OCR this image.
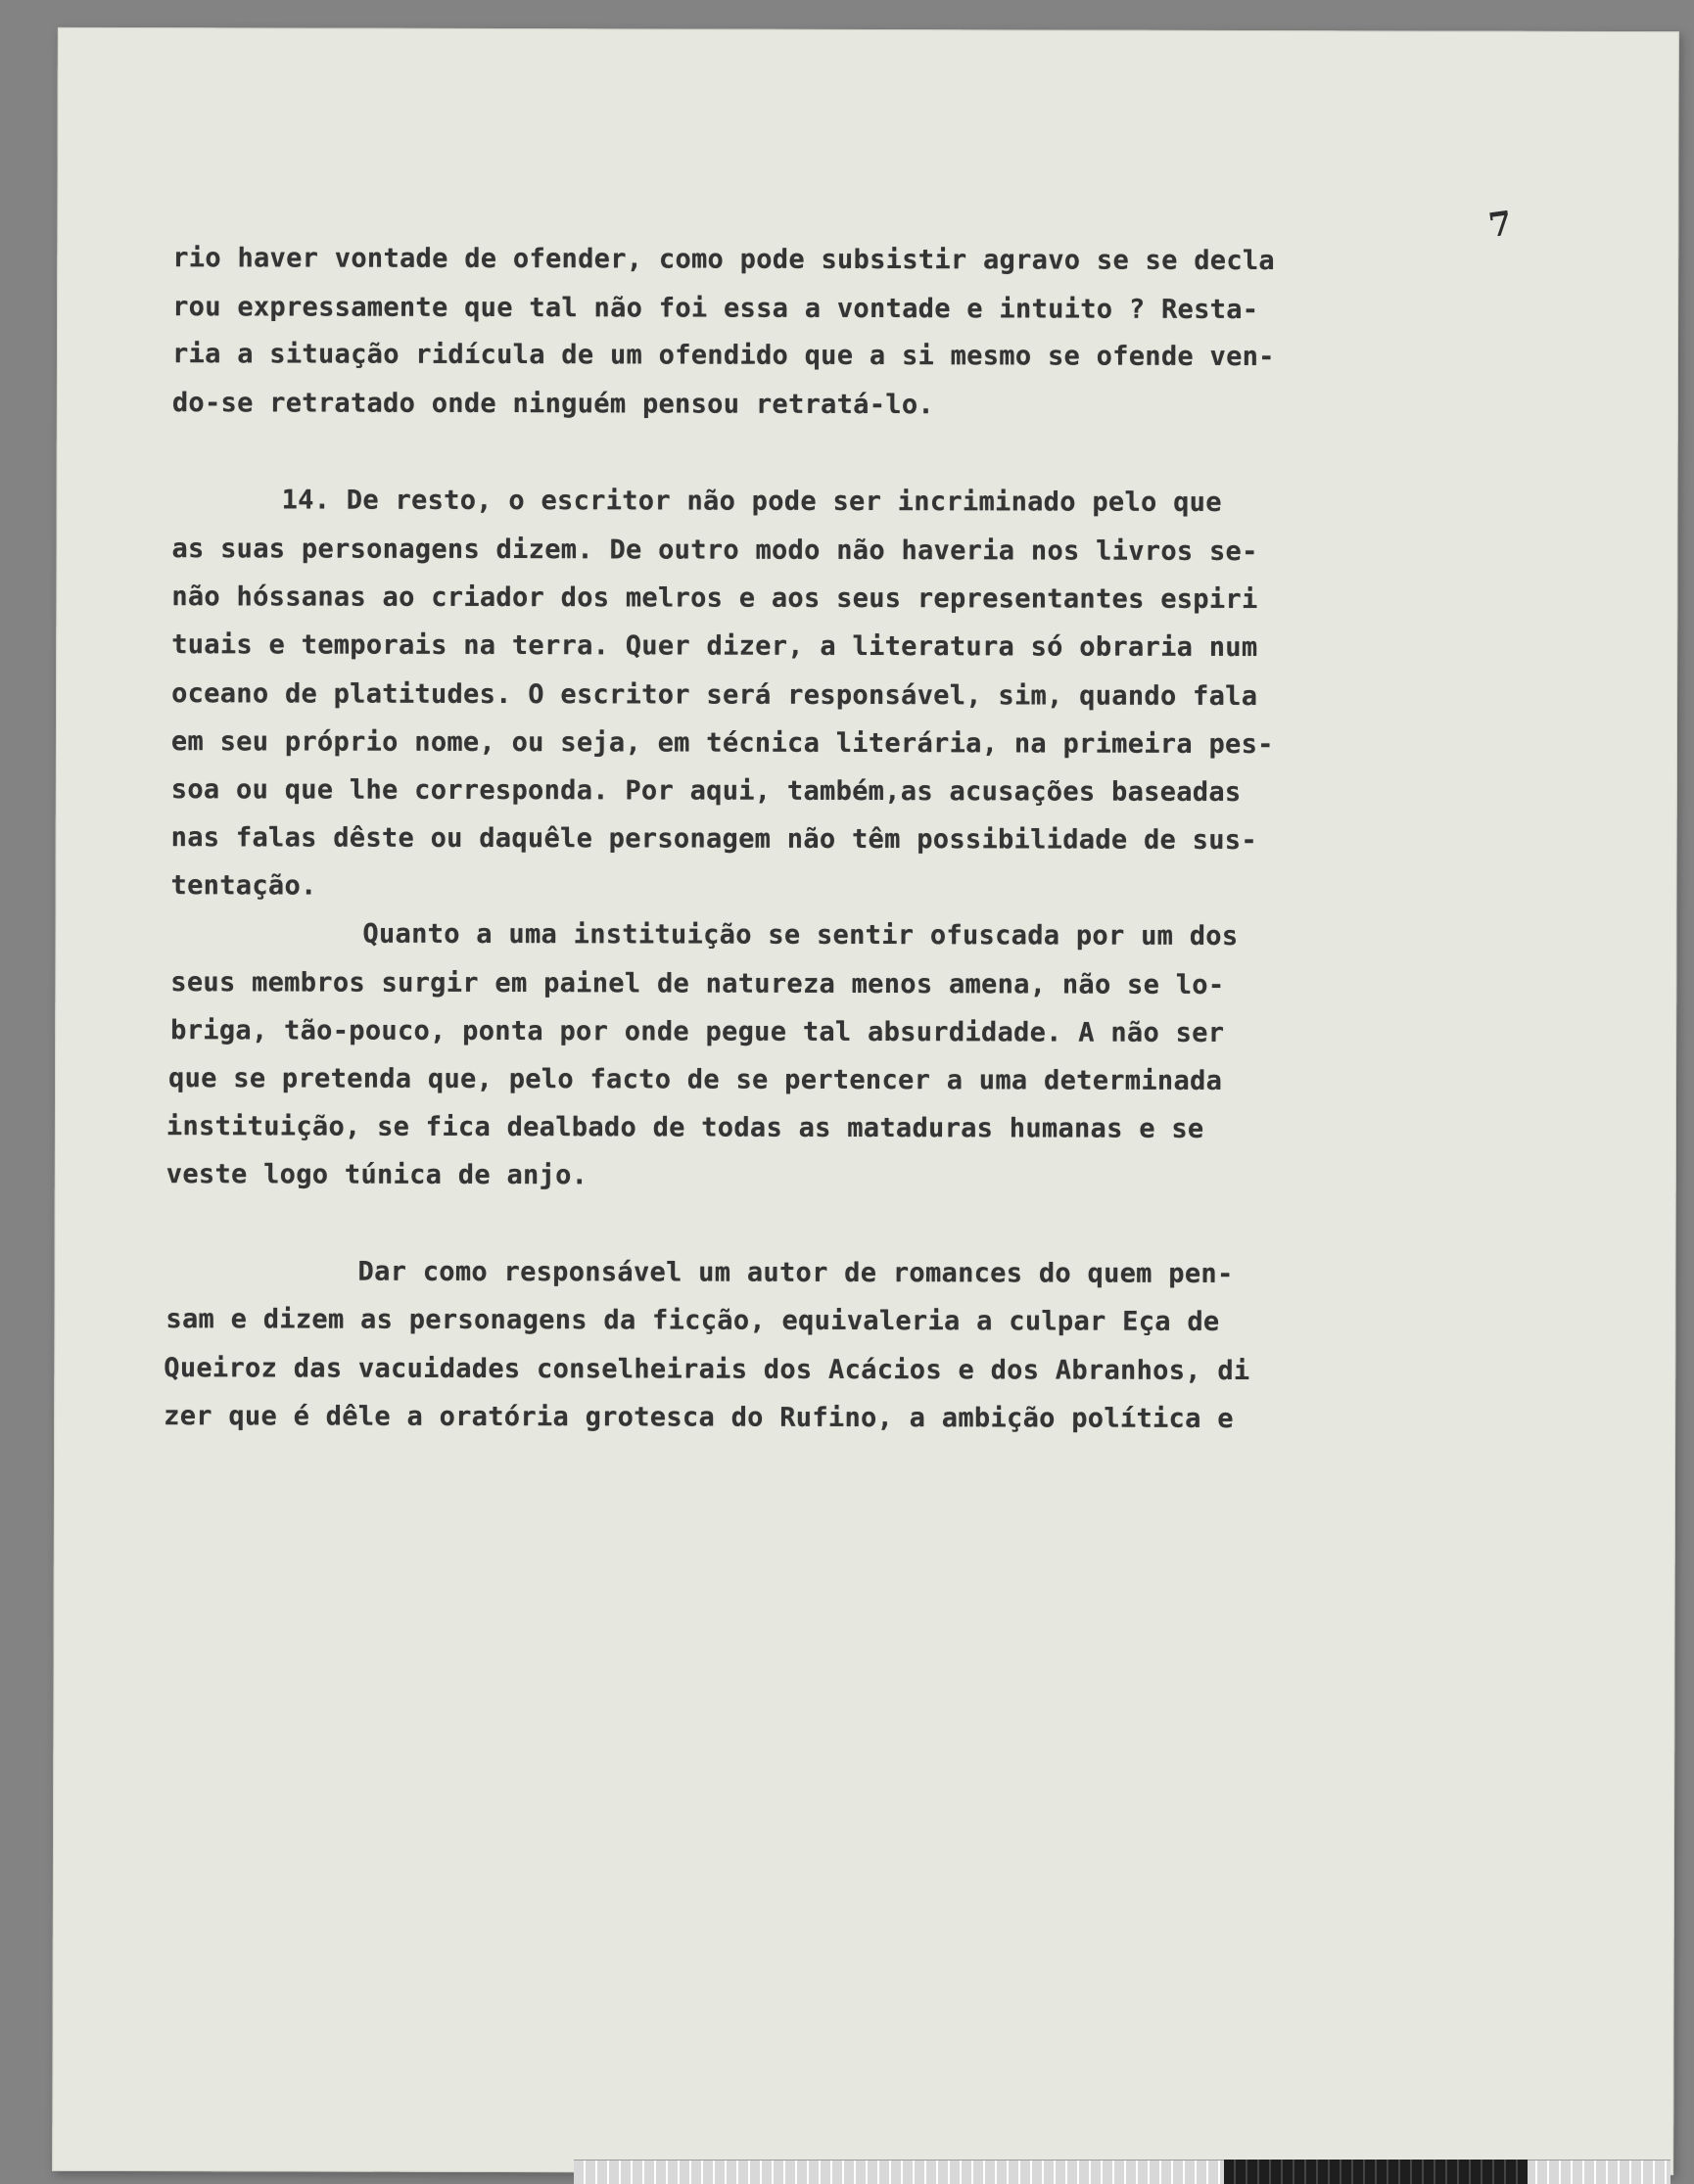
7
rio haver vontade de ofender, como pode subsistir agravo se se decla
rou expressamente que tal não foi essa a vontade e intuito ? Resta-
ria a situação ridícula de um ofendido que a si mesmo se ofende ven-
do-se retratado onde ninguém pensou retratá-lo.
14. De resto, o escritor não pode ser incriminado pelo que
as suas personagens dizem. De outro modo não haveria nos livros se-
não hóssanas ao criador dos melros e aos seus representantes espiri
tuais e temporais na terra. Quer dizer, a literatura só obraria num
oceano de platitudes. O escritor será responsável, sim, quando fala
em seu próprio nome, ou seja, em técnica literária, na primeira pes-
soa ou que lhe corresponda. Por aqui, também,as acusações baseadas
nas falas dêste ou daquêle personagem não têm possibilidade de sus-
tentação.
Quanto a uma instituição se sentir ofuscada por um dos
seus membros surgir em painel de natureza menos amena, não se lo-
briga, tão-pouco, ponta por onde pegue tal absurdidade. A não ser
que se pretenda que, pelo facto de se pertencer a uma determinada
instituição, se fica dealbado de todas as mataduras humanas e se
veste logo túnica de anjo.
Dar como responsável um autor de romances do quem pen-
sam e dizem as personagens da ficção, equivaleria a culpar Eça de
Queiroz das vacuidades conselheirais dos Acácios e dos Abranhos, di
zer que é dêle a oratória grotesca do Rufino, a ambição política e
